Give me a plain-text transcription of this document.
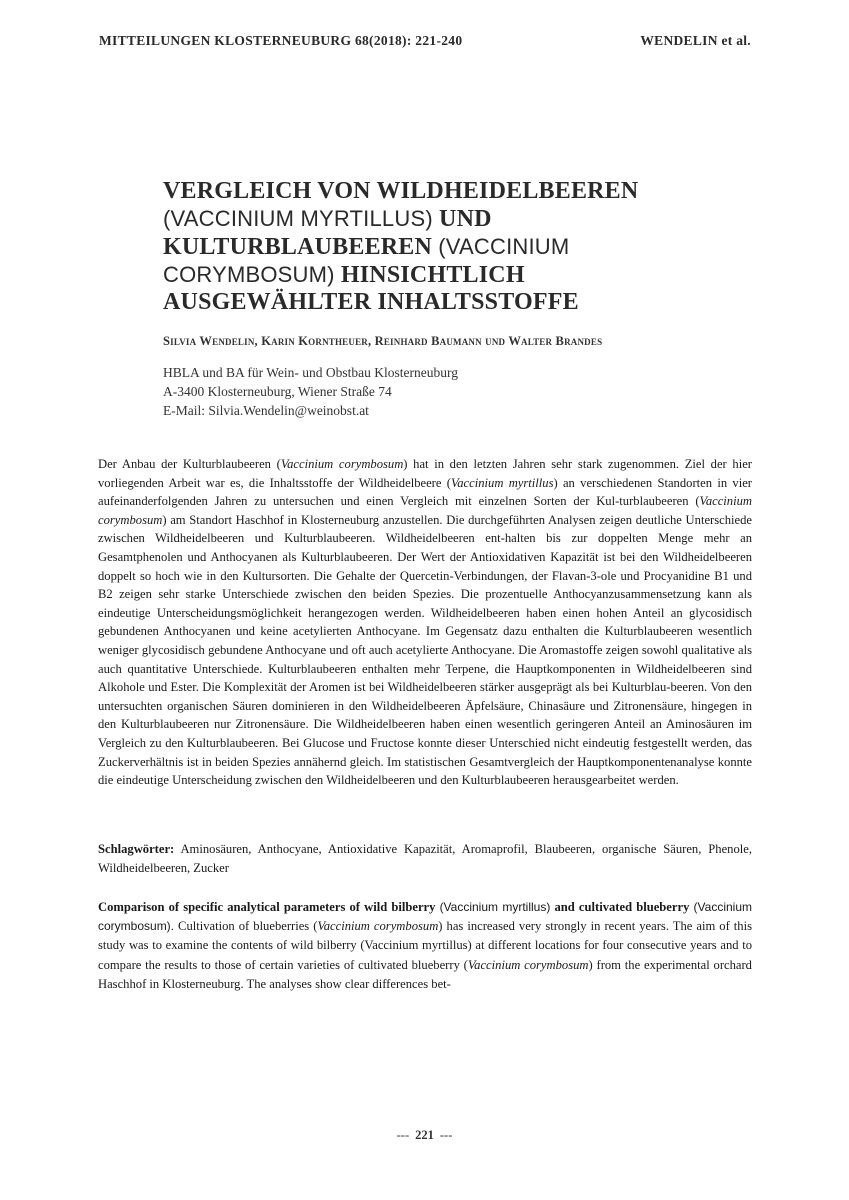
MITTEILUNGEN KLOSTERNEUBURG 68(2018): 221-240	WENDELIN et al.
VERGLEICH VON WILDHEIDELBEEREN
(VACCINIUM MYRTILLUS) UND KULTURBLAUBEEREN (VACCINIUM CORYMBOSUM) HINSICHTLICH AUSGEWÄHLTER INHALTSSTOFFE
Silvia Wendelin, Karin Korntheuer, Reinhard Baumann und Walter Brandes
HBLA und BA für Wein- und Obstbau Klosterneuburg
A-3400 Klosterneuburg, Wiener Straße 74
E-Mail: Silvia.Wendelin@weinobst.at

Der Anbau der Kulturblaubeeren (Vaccinium corymbosum) hat in den letzten Jahren sehr stark zugenommen. Ziel der hier vorliegenden Arbeit war es, die Inhaltsstoffe der Wildheidelbeere (Vaccinium myrtillus) an verschiedenen Standorten in vier aufeinanderfolgenden Jahren zu untersuchen und einen Vergleich mit einzelnen Sorten der Kul-turblaubeeren (Vaccinium corymbosum) am Standort Haschhof in Klosterneuburg anzustellen. Die durchgeführten Analysen zeigen deutliche Unterschiede zwischen Wildheidelbeeren und Kulturblaubeeren. Wildheidelbeeren ent-halten bis zur doppelten Menge mehr an Gesamtphenolen und Anthocyanen als Kulturblaubeeren. Der Wert der Antioxidativen Kapazität ist bei den Wildheidelbeeren doppelt so hoch wie in den Kultursorten. Die Gehalte der Quercetin-Verbindungen, der Flavan-3-ole und Procyanidine B1 und B2 zeigen sehr starke Unterschiede zwischen den beiden Spezies. Die prozentuelle Anthocyanzusammensetzung kann als eindeutige Unterscheidungsmöglichkeit herangezogen werden. Wildheidelbeeren haben einen hohen Anteil an glycosidisch gebundenen Anthocyanen und keine acetylierten Anthocyane. Im Gegensatz dazu enthalten die Kulturblaubeeren wesentlich weniger glycosidisch gebundene Anthocyane und oft auch acetylierte Anthocyane. Die Aromastoffe zeigen sowohl qualitative als auch quantitative Unterschiede. Kulturblaubeeren enthalten mehr Terpene, die Hauptkomponenten in Wildheidelbeeren sind Alkohole und Ester. Die Komplexität der Aromen ist bei Wildheidelbeeren stärker ausgeprägt als bei Kulturblau-beeren. Von den untersuchten organischen Säuren dominieren in den Wildheidelbeeren Äpfelsäure, Chinasäure und Zitronensäure, hingegen in den Kulturblaubeeren nur Zitronensäure. Die Wildheidelbeeren haben einen wesentlich geringeren Anteil an Aminosäuren im Vergleich zu den Kulturblaubeeren. Bei Glucose und Fructose konnte dieser Unterschied nicht eindeutig festgestellt werden, das Zuckerverhältnis ist in beiden Spezies annähernd gleich. Im statistischen Gesamtvergleich der Hauptkomponentenanalyse konnte die eindeutige Unterscheidung zwischen den Wildheidelbeeren und den Kulturblaubeeren herausgearbeitet werden.

Schlagwörter: Aminosäuren, Anthocyane, Antioxidative Kapazität, Aromaprofil, Blaubeeren, organische Säuren, Phenole, Wildheidelbeeren, Zucker

Comparison of specific analytical parameters of wild bilberry (Vaccinium myrtillus) and cultivated blueberry (Vaccinium corymbosum). Cultivation of blueberries (Vaccinium corymbosum) has increased very strongly in recent years. The aim of this study was to examine the contents of wild bilberry (Vaccinium myrtillus) at different locations for four consecutive years and to compare the results to those of certain varieties of cultivated blueberry (Vaccinium corymbosum) from the experimental orchard Haschhof in Klosterneuburg. The analyses show clear differences bet-

--- 221 ---
